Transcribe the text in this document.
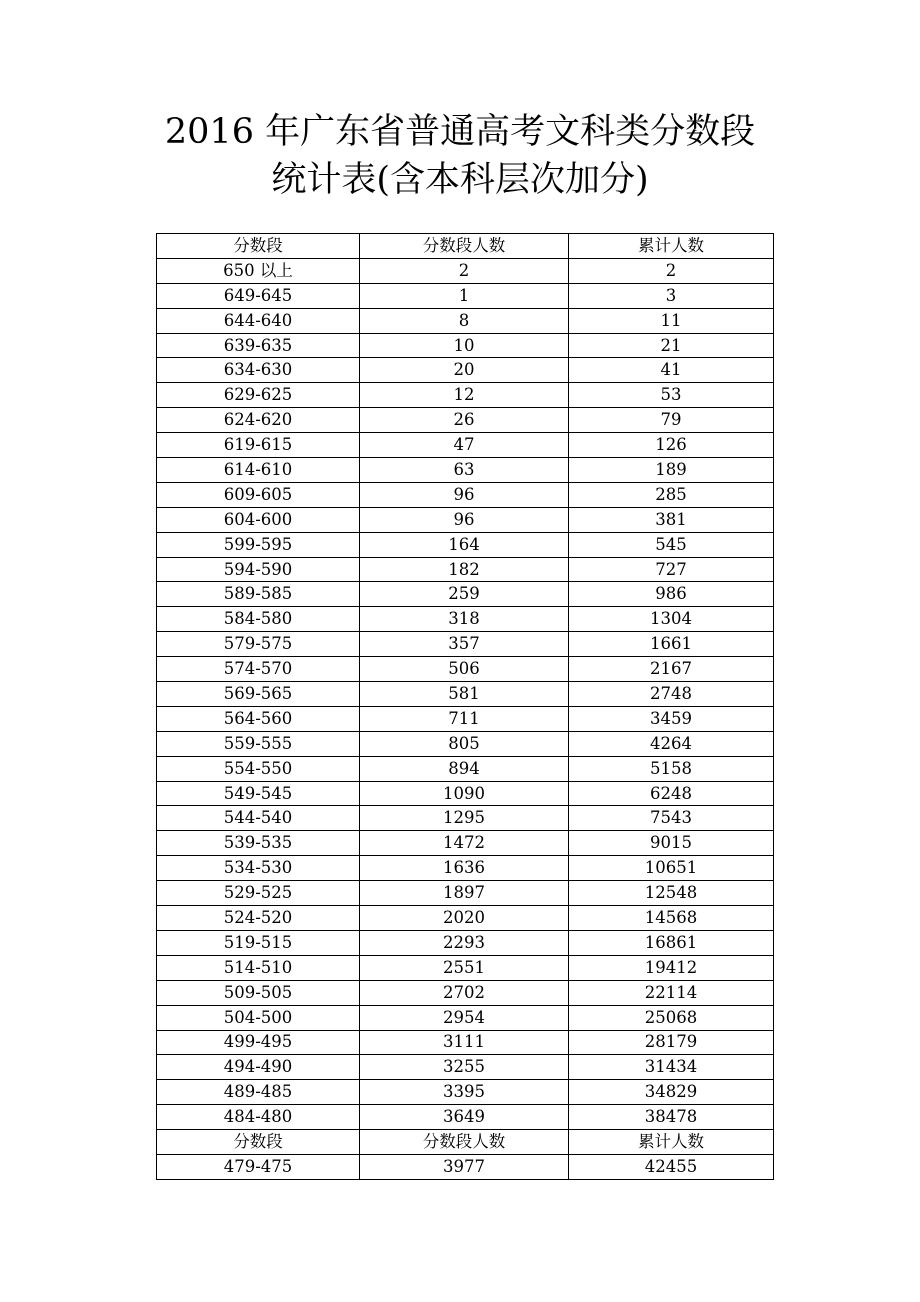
2016 年广东省普通高考文科类分数段
统计表(含本科层次加分)
分数段	分数段人数	累计人数
650 以上	2	2
649-645	1	3
644-640	8	11
639-635	10	21
634-630	20	41
629-625	12	53
624-620	26	79
619-615	47	126
614-610	63	189
609-605	96	285
604-600	96	381
599-595	164	545
594-590	182	727
589-585	259	986
584-580	318	1304
579-575	357	1661
574-570	506	2167
569-565	581	2748
564-560	711	3459
559-555	805	4264
554-550	894	5158
549-545	1090	6248
544-540	1295	7543
539-535	1472	9015
534-530	1636	10651
529-525	1897	12548
524-520	2020	14568
519-515	2293	16861
514-510	2551	19412
509-505	2702	22114
504-500	2954	25068
499-495	3111	28179
494-490	3255	31434
489-485	3395	34829
484-480	3649	38478
分数段	分数段人数	累计人数
479-475	3977	42455
